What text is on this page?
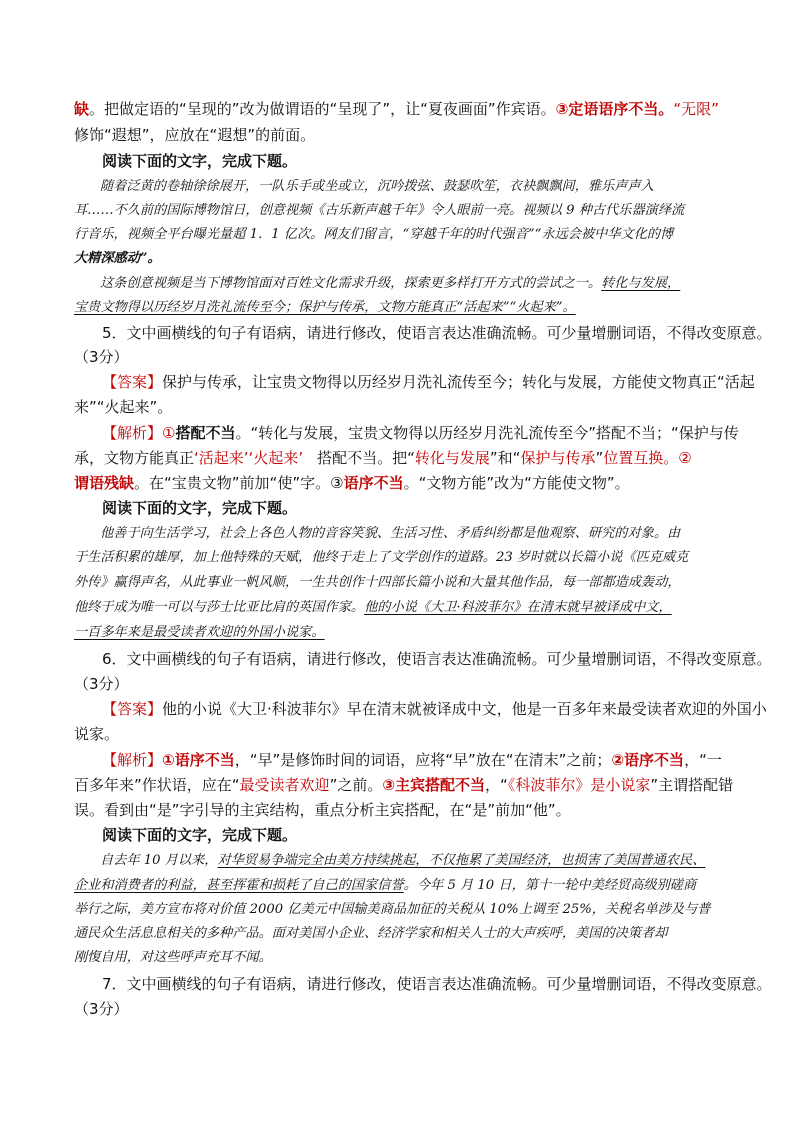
缺。把做定语的“呈现的”改为做谓语的“呈现了”，让“夏夜画面”作宾语。③定语语序不当。“无限”
修饰“遐想”，应放在“遐想”的前面。
阅读下面的文字，完成下题。
随着泛黄的卷轴徐徐展开，一队乐手或坐或立，沉吟拨弦、鼓瑟吹笙，衣袂飘飘间，雅乐声声入
耳……不久前的国际博物馆日，创意视频《古乐新声越千年》令人眼前一亮。视频以 9 种古代乐器演绎流
行音乐，视频全平台曝光量超 1．1 亿次。网友们留言，“穿越千年的时代强音”“永远会被中华文化的博
大精深感动”。
这条创意视频是当下博物馆面对百姓文化需求升级，探索更多样打开方式的尝试之一。转化与发展，
宝贵文物得以历经岁月洗礼流传至今；保护与传承，文物方能真正“活起来”“火起来”。
5．文中画横线的句子有语病，请进行修改，使语言表达准确流畅。可少量增删词语，不得改变原意。
（3分）
【答案】保护与传承，让宝贵文物得以历经岁月洗礼流传至今；转化与发展，方能使文物真正“活起
来”“火起来”。
【解析】①搭配不当。“转化与发展，宝贵文物得以历经岁月洗礼流传至今”搭配不当；“保护与传
承，文物方能真正‘活起来’‘火起来’ 搭配不当。把“转化与发展”和“保护与传承”位置互换。②
谓语残缺。在“宝贵文物”前加“使”字。③语序不当。“文物方能”改为“方能使文物”。
阅读下面的文字，完成下题。
他善于向生活学习，社会上各色人物的音容笑貌、生活习性、矛盾纠纷都是他观察、研究的对象。由
于生活积累的雄厚，加上他特殊的天赋，他终于走上了文学创作的道路。23 岁时就以长篇小说《匹克威克
外传》赢得声名，从此事业一帆风顺，一生共创作十四部长篇小说和大量其他作品，每一部都造成轰动，
他终于成为唯一可以与莎士比亚比肩的英国作家。他的小说《大卫·科波菲尔》在清末就早被译成中文，
一百多年来是最受读者欢迎的外国小说家。
6．文中画横线的句子有语病，请进行修改，使语言表达准确流畅。可少量增删词语，不得改变原意。
（3分）
【答案】他的小说《大卫·科波菲尔》早在清末就被译成中文，他是一百多年来最受读者欢迎的外国小
说家。
【解析】①语序不当，“早”是修饰时间的词语，应将“早”放在“在清末”之前；②语序不当，“一
百多年来”作状语，应在“最受读者欢迎”之前。③主宾搭配不当，“《科波菲尔》是小说家”主谓搭配错
误。看到由“是”字引导的主宾结构，重点分析主宾搭配，在“是”前加“他”。
阅读下面的文字，完成下题。
自去年 10 月以来，对华贸易争端完全由美方持续挑起，不仅拖累了美国经济，也损害了美国普通农民、
企业和消费者的利益，甚至挥霍和损耗了自己的国家信誉。今年 5 月 10 日，第十一轮中美经贸高级别磋商
举行之际，美方宣布将对价值 2000 亿美元中国输美商品加征的关税从 10%上调至 25%，关税名单涉及与普
通民众生活息息相关的多种产品。面对美国小企业、经济学家和相关人士的大声疾呼，美国的决策者却
刚愎自用，对这些呼声充耳不闻。
7．文中画横线的句子有语病，请进行修改，使语言表达准确流畅。可少量增删词语，不得改变原意。
（3分）
